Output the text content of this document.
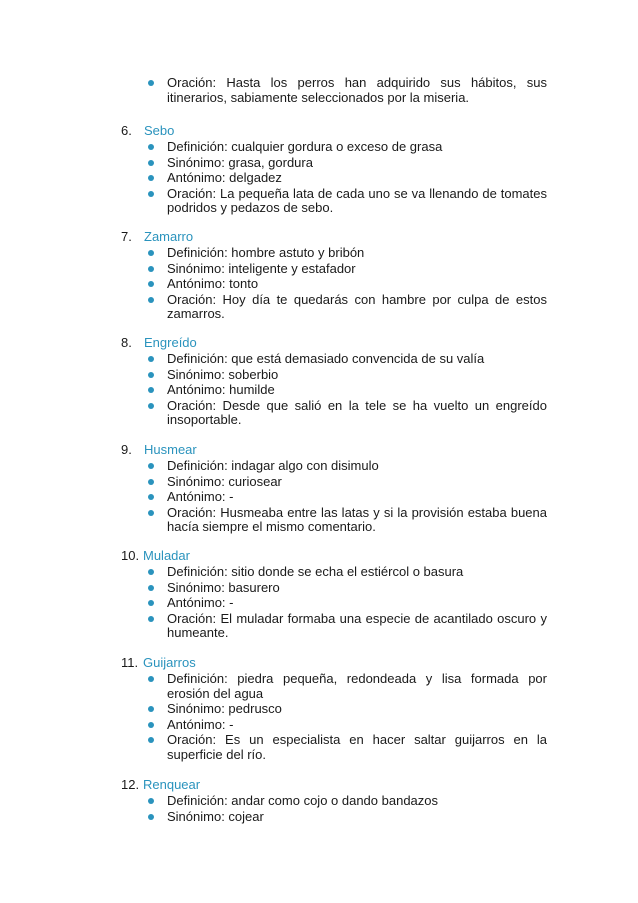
Oración: Hasta los perros han adquirido sus hábitos, sus itinerarios, sabiamente seleccionados por la miseria.
6. Sebo
Definición: cualquier gordura o exceso de grasa
Sinónimo: grasa, gordura
Antónimo: delgadez
Oración: La pequeña lata de cada uno se va llenando de tomates podridos y pedazos de sebo.
7. Zamarro
Definición: hombre astuto y bribón
Sinónimo: inteligente y estafador
Antónimo: tonto
Oración: Hoy día te quedarás con hambre por culpa de estos zamarros.
8. Engreído
Definición: que está demasiado convencida de su valía
Sinónimo: soberbio
Antónimo: humilde
Oración: Desde que salió en la tele se ha vuelto un engreído insoportable.
9. Husmear
Definición: indagar algo con disimulo
Sinónimo: curiosear
Antónimo: -
Oración: Husmeaba entre las latas y si la provisión estaba buena hacía siempre el mismo comentario.
10. Muladar
Definición: sitio donde se echa el estiércol o basura
Sinónimo: basurero
Antónimo: -
Oración: El muladar formaba una especie de acantilado oscuro y humeante.
11. Guijarros
Definición: piedra pequeña, redondeada y lisa formada por erosión del agua
Sinónimo: pedrusco
Antónimo: -
Oración: Es un especialista en hacer saltar guijarros en la superficie del río.
12. Renquear
Definición: andar como cojo o dando bandazos
Sinónimo: cojear
